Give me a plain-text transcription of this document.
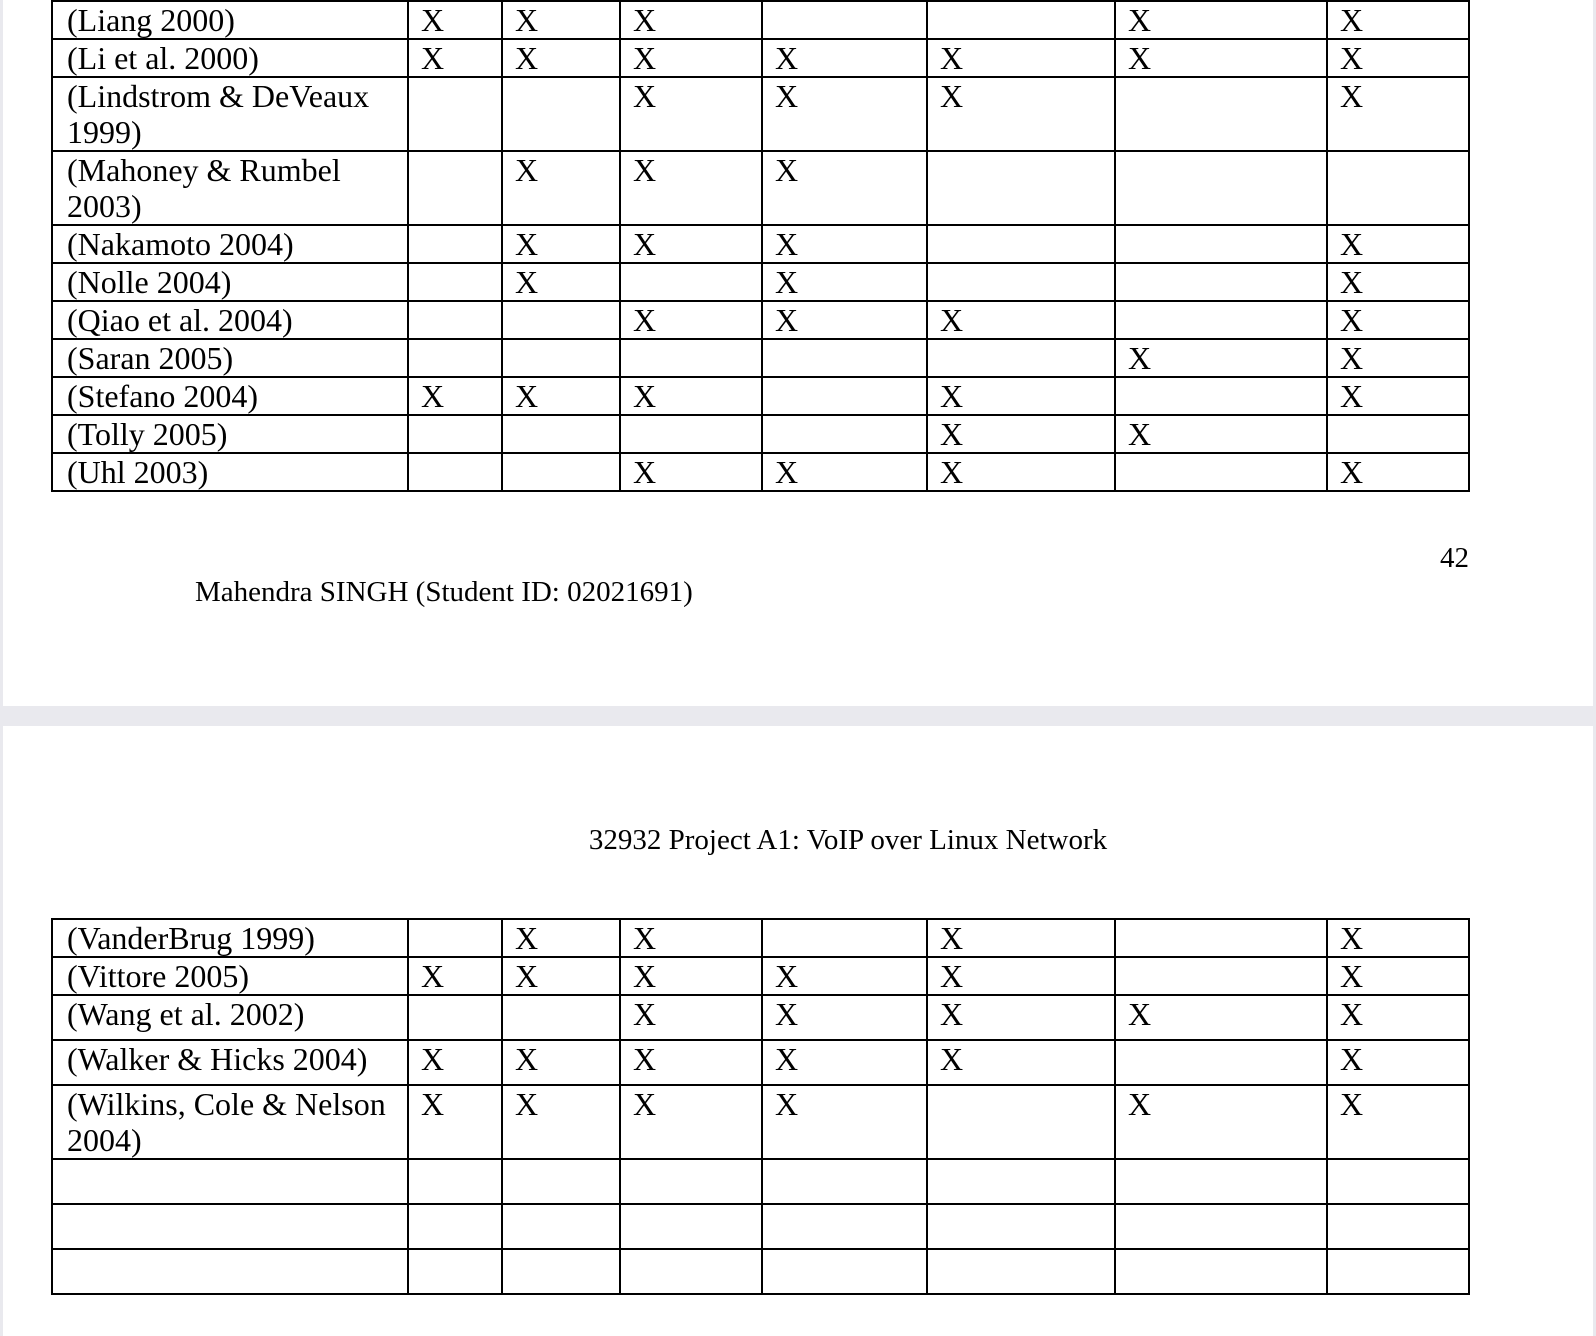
(Liang 2000)	X	X	X			X	X
(Li et al. 2000)	X	X	X	X	X	X	X
(Lindstrom & DeVeaux 1999)			X	X	X		X
(Mahoney & Rumbel 2003)		X	X	X			
(Nakamoto 2004)		X	X	X			X
(Nolle 2004)		X		X			X
(Qiao et al. 2004)			X	X	X		X
(Saran 2005)						X	X
(Stefano 2004)	X	X	X		X		X
(Tolly 2005)					X	X	
(Uhl 2003)			X	X	X		X
Mahendra SINGH (Student ID: 02021691)
42
32932 Project A1: VoIP over Linux Network
(VanderBrug 1999)		X	X		X		X
(Vittore 2005)	X	X	X	X	X		X
(Wang et al. 2002)			X	X	X	X	X
(Walker & Hicks 2004)	X	X	X	X	X		X
(Wilkins, Cole & Nelson 2004)	X	X	X	X		X	X
